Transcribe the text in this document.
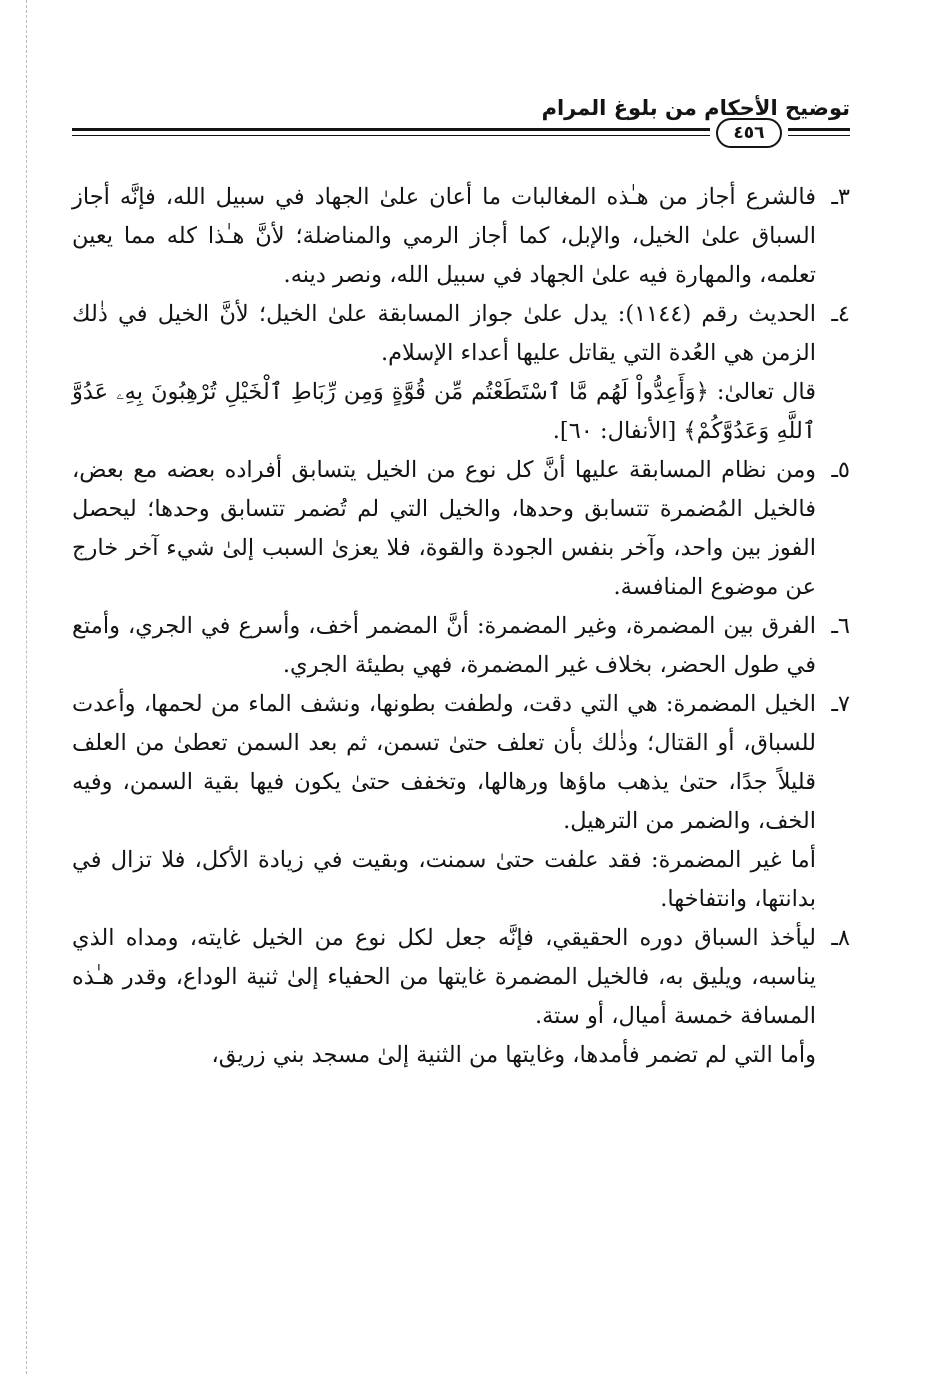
توضيح الأحكام من بلوغ المرام
٤٥٦

٣ـ
فالشرع أجاز من هـٰذه المغالبات ما أعان علىٰ الجهاد في سبيل الله، فإنَّه أجاز السباق علىٰ الخيل، والإبل، كما أجاز الرمي والمناضلة؛ لأنَّ هـٰذا كله مما يعين تعلمه، والمهارة فيه علىٰ الجهاد في سبيل الله، ونصر دينه.

٤ـ
الحديث رقم (١١٤٤): يدل علىٰ جواز المسابقة علىٰ الخيل؛ لأنَّ الخيل في ذٰلك الزمن هي العُدة التي يقاتل عليها أعداء الإسلام.

قال تعالىٰ: ﴿وَأَعِدُّواْ لَهُم مَّا ٱسْتَطَعْتُم مِّن قُوَّةٍ وَمِن رِّبَاطِ ٱلْخَيْلِ تُرْهِبُونَ بِهِۦ عَدُوَّ ٱللَّهِ وَعَدُوَّكُمْ﴾ [الأنفال: ٦٠].

٥ـ
ومن نظام المسابقة عليها أنَّ كل نوع من الخيل يتسابق أفراده بعضه مع بعض، فالخيل المُضمرة تتسابق وحدها، والخيل التي لم تُضمر تتسابق وحدها؛ ليحصل الفوز بين واحد، وآخر بنفس الجودة والقوة، فلا يعزىٰ السبب إلىٰ شيء آخر خارج عن موضوع المنافسة.

٦ـ
الفرق بين المضمرة، وغير المضمرة: أنَّ المضمر أخف، وأسرع في الجري، وأمتع في طول الحضر، بخلاف غير المضمرة، فهي بطيئة الجري.

٧ـ
الخيل المضمرة: هي التي دقت، ولطفت بطونها، ونشف الماء من لحمها، وأعدت للسباق، أو القتال؛ وذٰلك بأن تعلف حتىٰ تسمن، ثم بعد السمن تعطىٰ من العلف قليلاً جدًا، حتىٰ يذهب ماؤها ورهالها، وتخفف حتىٰ يكون فيها بقية السمن، وفيه الخف، والضمر من الترهيل.

أما غير المضمرة: فقد علفت حتىٰ سمنت، وبقيت في زيادة الأكل، فلا تزال في بدانتها، وانتفاخها.

٨ـ
ليأخذ السباق دوره الحقيقي، فإنَّه جعل لكل نوع من الخيل غايته، ومداه الذي يناسبه، ويليق به، فالخيل المضمرة غايتها من الحفياء إلىٰ ثنية الوداع، وقدر هـٰذه المسافة خمسة أميال، أو ستة.

وأما التي لم تضمر فأمدها، وغايتها من الثنية إلىٰ مسجد بني زريق،
